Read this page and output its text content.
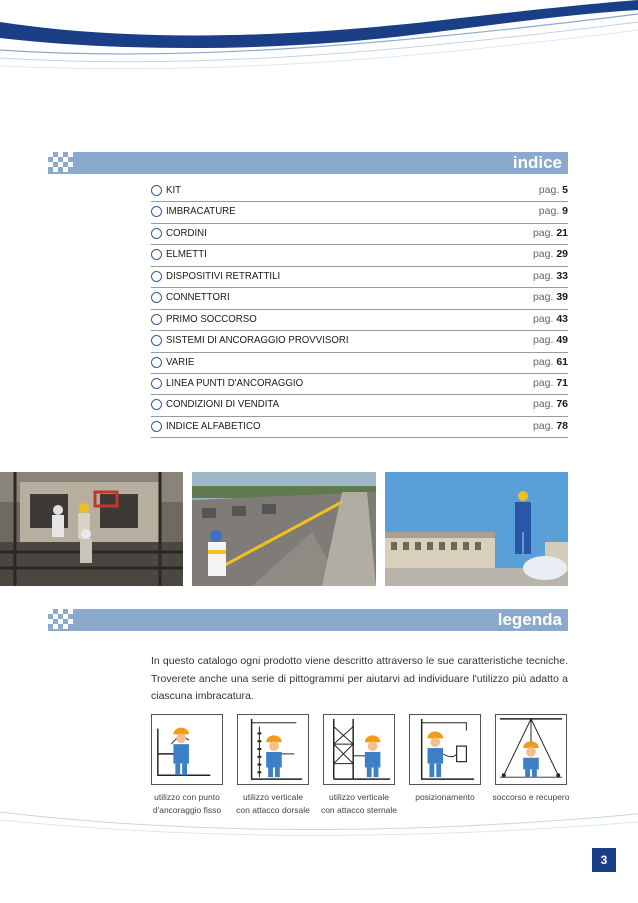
indice
KIT	pag. 5
IMBRACATURE	pag. 9
CORDINI	pag. 21
ELMETTI	pag. 29
DISPOSITIVI RETRATTILI	pag. 33
CONNETTORI	pag. 39
PRIMO SOCCORSO	pag. 43
SISTEMI DI ANCORAGGIO PROVVISORI	pag. 49
VARIE	pag. 61
LINEA PUNTI D'ANCORAGGIO	pag. 71
CONDIZIONI DI VENDITA	pag. 76
INDICE ALFABETICO	pag. 78
legenda

In questo catalogo ogni prodotto viene descritto attraverso le sue caratteristiche tecniche. Troverete anche una serie di pittogrammi per aiutarvi ad individuare l'utilizzo più adatto a ciascuna imbracatura.

utilizzo con punto
d'ancoraggio fisso
utilizzo verticale
con attacco dorsale
utilizzo verticale
con attacco sternale
posizionamento	soccorso e recupero
3
